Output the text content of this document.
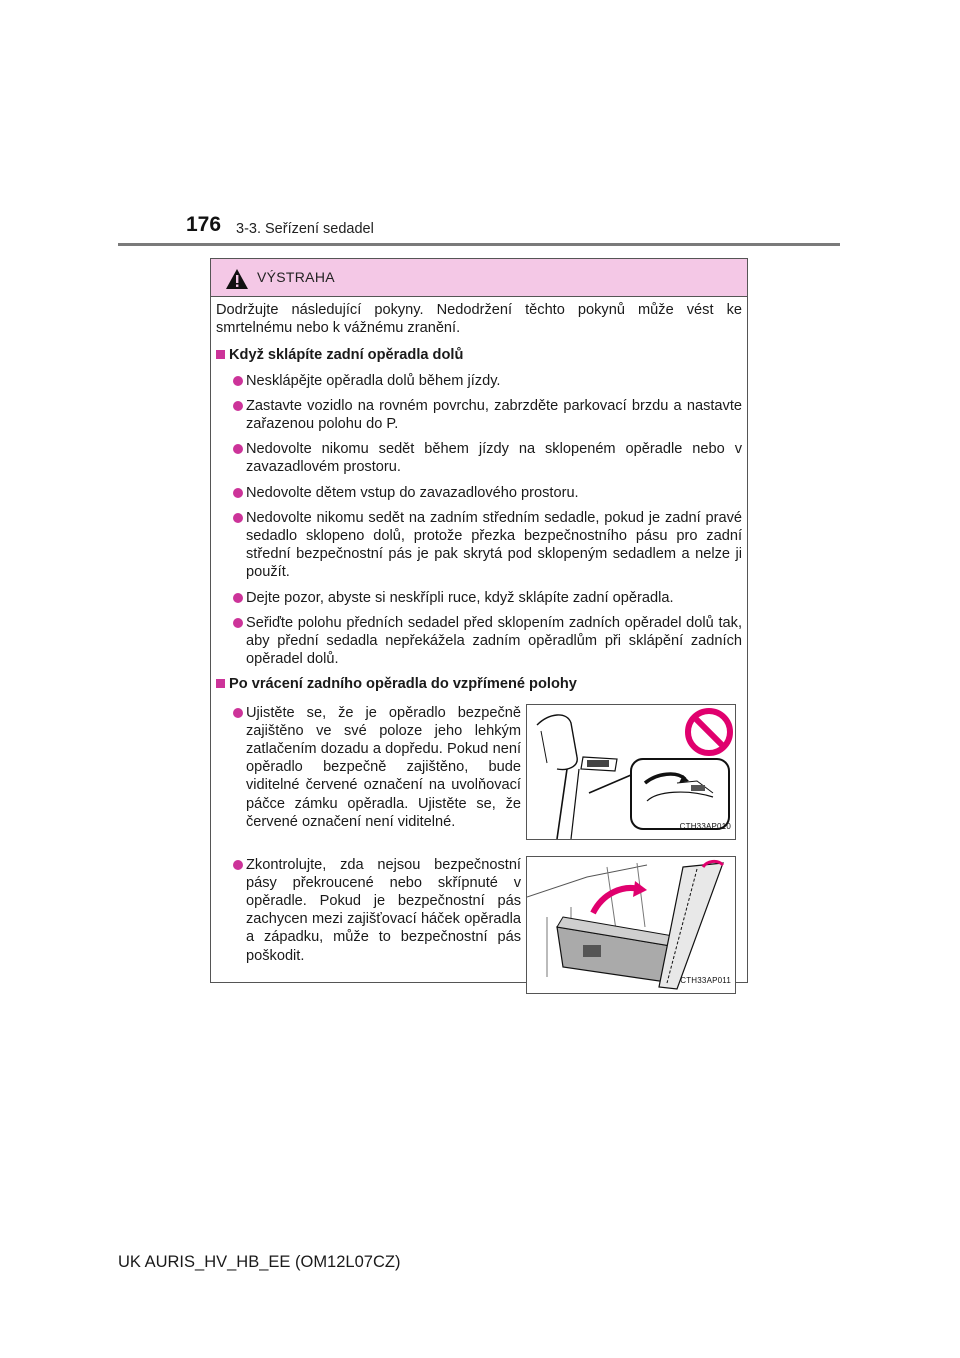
176 3-3. Seřízení sedadel
VÝSTRAHA
Dodržujte následující pokyny. Nedodržení těchto pokynů může vést ke smrtelnému nebo k vážnému zranění.
Když sklápíte zadní opěradla dolů
Nesklápějte opěradla dolů během jízdy.
Zastavte vozidlo na rovném povrchu, zabrzděte parkovací brzdu a nastavte zařazenou polohu do P.
Nedovolte nikomu sedět během jízdy na sklopeném opěradle nebo v zavazadlovém prostoru.
Nedovolte dětem vstup do zavazadlového prostoru.
Nedovolte nikomu sedět na zadním středním sedadle, pokud je zadní pravé sedadlo sklopeno dolů, protože přezka bezpečnostního pásu pro zadní střední bezpečnostní pás je pak skrytá pod sklopeným sedadlem a nelze ji použít.
Dejte pozor, abyste si neskřípli ruce, když sklápíte zadní opěradla.
Seřiďte polohu předních sedadel před sklopením zadních opěradel dolů tak, aby přední sedadla nepřekážela zadním opěradlům při sklápění zadních opěradel dolů.
Po vrácení zadního opěradla do vzpřímené polohy
Ujistěte se, že je opěradlo bezpečně zajištěno ve své poloze jeho lehkým zatlačením dozadu a dopředu. Pokud není opěradlo bezpečně zajištěno, bude viditelné červené označení na uvolňovací páčce zámku opěradla. Ujistěte se, že červené označení není viditelné.	CTH33AP010
Zkontrolujte, zda nejsou bezpečnostní pásy překroucené nebo skřípnuté v opěradle. Pokud je bezpečnostní pás zachycen mezi zajišťovací háček opěradla a západku, může to bezpečnostní pás poškodit.
CTH33AP011
UK AURIS_HV_HB_EE (OM12L07CZ)
